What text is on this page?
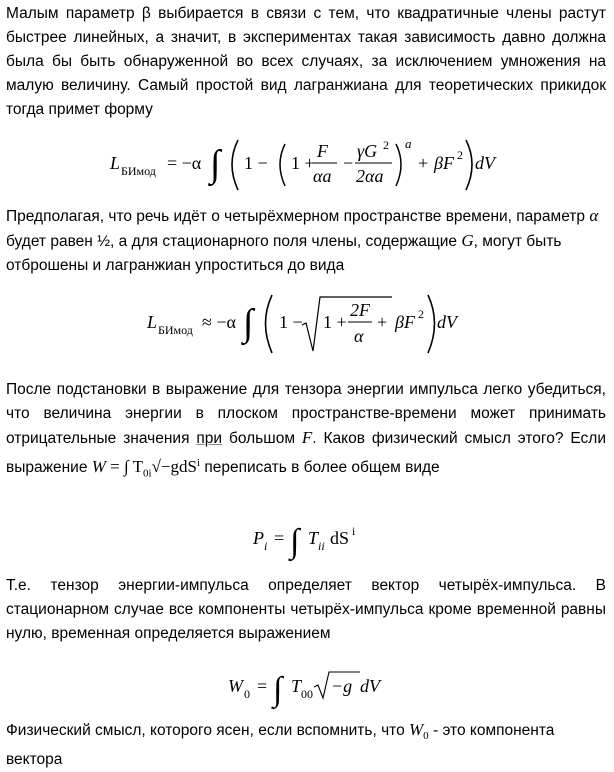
Малым параметр β выбирается в связи с тем, что квадратичные члены растут быстрее линейных, а значит, в экспериментах такая зависимость давно должна была бы быть обнаруженной во всех случаях, за исключением умножения на малую величину. Самый простой вид лагранжиана для теоретических прикидок тогда примет форму
L БИмод = −α ∫ 1 − 1 +
F
αa
−
γG 2
2αa
a
+ βF 2 dV
Предполагая, что речь идёт о четырёхмерном пространстве времени, параметр α будет равен ½, а для стационарного поля члены, содержащие G, могут быть отброшены и лагранжиан упроститься до вида
L БИмод ≈ −α ∫ 1 − 1 +
2F
α
+ βF 2 dV
После подстановки в выражение для тензора энергии импульса легко убедиться, что величина энергии в плоском пространстве-времени может принимать отрицательные значения при большом F. Каков физический смысл этого? Если выражение W = ∫ $T_{0i}√-gdS^i$ переписать в более общем виде
P i = ∫ T ii dS i
Т.е. тензор энергии-импульса определяет вектор четырёх-импульса. В стационарном случае все компоненты четырёх-импульса кроме временной равны нулю, временная определяется выражением
W 0 = ∫ T 00 −g dV
Физический смысл, которого ясен, если вспомнить, что $W_0$ - это компонента вектора
